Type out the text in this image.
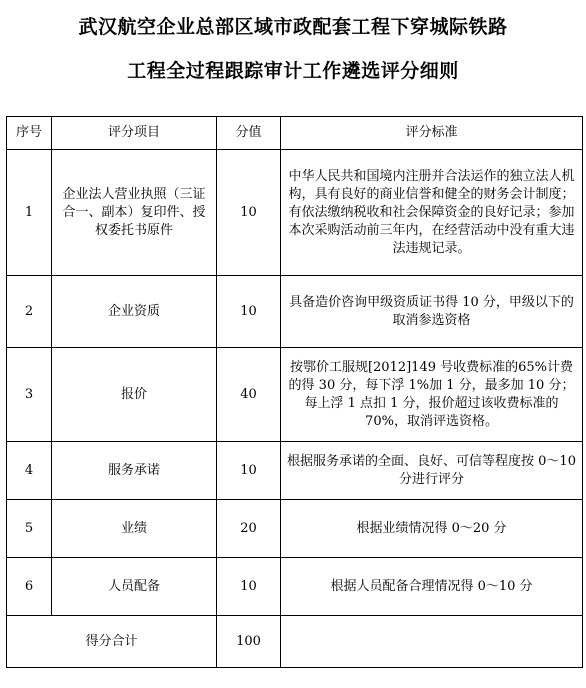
武汉航空企业总部区域市政配套工程下穿城际铁路
工程全过程跟踪审计工作遴选评分细则
序号	评分项目	分值	评分标准
1	企业法人营业执照（三证合一、副本）复印件、授权委托书原件	10	中华人民共和国境内注册并合法运作的独立法人机构，具有良好的商业信誉和健全的财务会计制度；有依法缴纳税收和社会保障资金的良好记录；参加本次采购活动前三年内，在经营活动中没有重大违法违规记录。
2	企业资质	10	具备造价咨询甲级资质证书得 10 分，甲级以下的取消参选资格
3	报价	40	按鄂价工服规[2012]149 号收费标准的65%计费的得 30 分，每下浮 1%加 1 分，最多加 10 分；每上浮 1 点扣 1 分，报价超过该收费标准的 70%，取消评选资格。
4	服务承诺	10	根据服务承诺的全面、良好、可信等程度按 0～10 分进行评分
5	业绩	20	根据业绩情况得 0～20 分
6	人员配备	10	根据人员配备合理情况得 0～10 分
得分合计		100	
